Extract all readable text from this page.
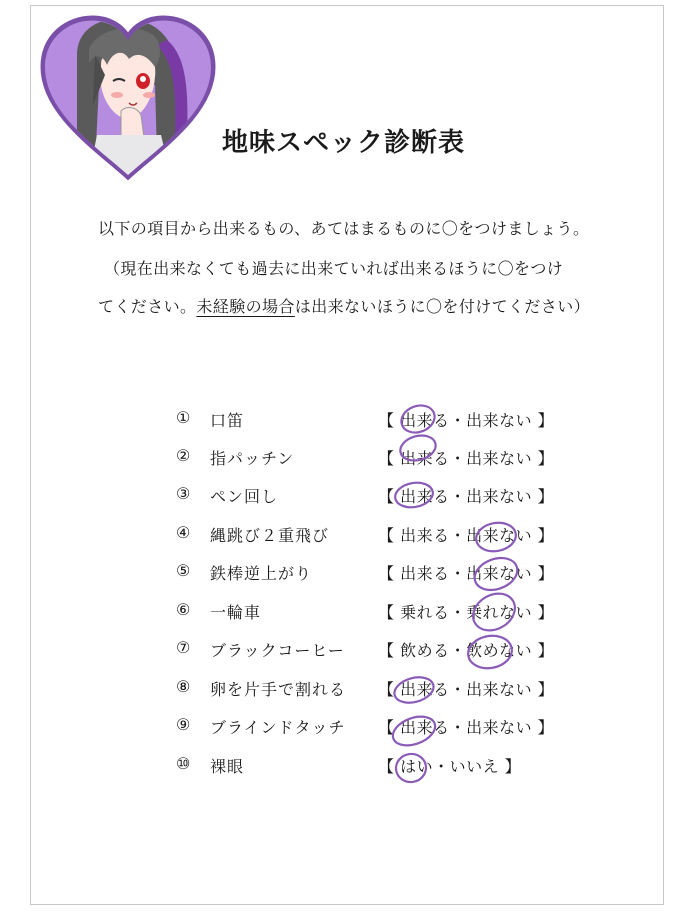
地味スペック診断表
以下の項目から出来るもの、あてはまるものに〇をつけましょう。
（現在出来なくても過去に出来ていれば出来るほうに〇をつけ
てください。未経験の場合は出来ないほうに〇を付けてください）
① 口笛	【 出来る・出来ない 】
② 指パッチン	【 出来る・出来ない 】
③ ペン回し	【 出来る・出来ない 】
④ 縄跳び２重飛び	【 出来る・出来ない 】
⑤ 鉄棒逆上がり	【 出来る・出来ない 】
⑥ 一輪車	【 乗れる・乗れない 】
⑦ ブラックコーヒー 【 飲める・飲めない 】
⑧ 卵を片手で割れる 【 出来る・出来ない 】
⑨ ブラインドタッチ 【 出来る・出来ない 】
⑩ 裸眼	【 はい・いいえ 】
